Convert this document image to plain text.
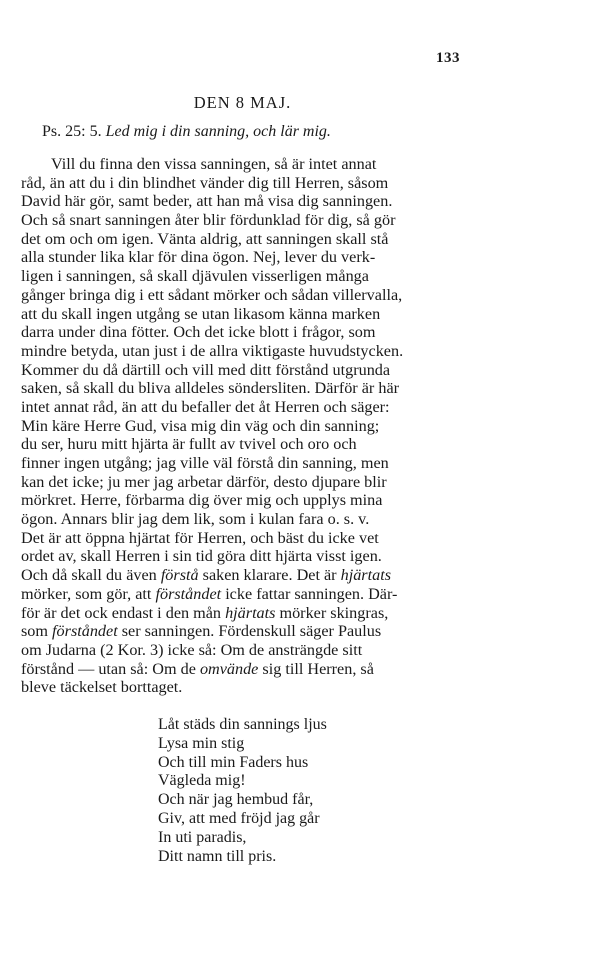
133
DEN 8 MAJ.
Ps. 25: 5. Led mig i din sanning, och lär mig.
Vill du finna den vissa sanningen, så är intet annat
råd, än att du i din blindhet vänder dig till Herren, såsom
David här gör, samt beder, att han må visa dig sanningen.
Och så snart sanningen åter blir fördunklad för dig, så gör
det om och om igen. Vänta aldrig, att sanningen skall stå
alla stunder lika klar för dina ögon. Nej, lever du verk-
ligen i sanningen, så skall djävulen visserligen många
gånger bringa dig i ett sådant mörker och sådan villervalla,
att du skall ingen utgång se utan likasom känna marken
darra under dina fötter. Och det icke blott i frågor, som
mindre betyda, utan just i de allra viktigaste huvudstycken.
Kommer du då därtill och vill med ditt förstånd utgrunda
saken, så skall du bliva alldeles söndersliten. Därför är här
intet annat råd, än att du befaller det åt Herren och säger:
Min käre Herre Gud, visa mig din väg och din sanning;
du ser, huru mitt hjärta är fullt av tvivel och oro och
finner ingen utgång; jag ville väl förstå din sanning, men
kan det icke; ju mer jag arbetar därför, desto djupare blir
mörkret. Herre, förbarma dig över mig och upplys mina
ögon. Annars blir jag dem lik, som i kulan fara o. s. v.
Det är att öppna hjärtat för Herren, och bäst du icke vet
ordet av, skall Herren i sin tid göra ditt hjärta visst igen.
Och då skall du även förstå saken klarare. Det är hjärtats
mörker, som gör, att förståndet icke fattar sanningen. Där-
för är det ock endast i den mån hjärtats mörker skingras,
som förståndet ser sanningen. Fördenskull säger Paulus
om Judarna (2 Kor. 3) icke så: Om de ansträngde sitt
förstånd — utan så: Om de omvände sig till Herren, så
bleve täckelset borttaget.
Låt städs din sannings ljus
Lysa min stig
Och till min Faders hus
Vägleda mig!
Och när jag hembud får,
Giv, att med fröjd jag går
In uti paradis,
Ditt namn till pris.
